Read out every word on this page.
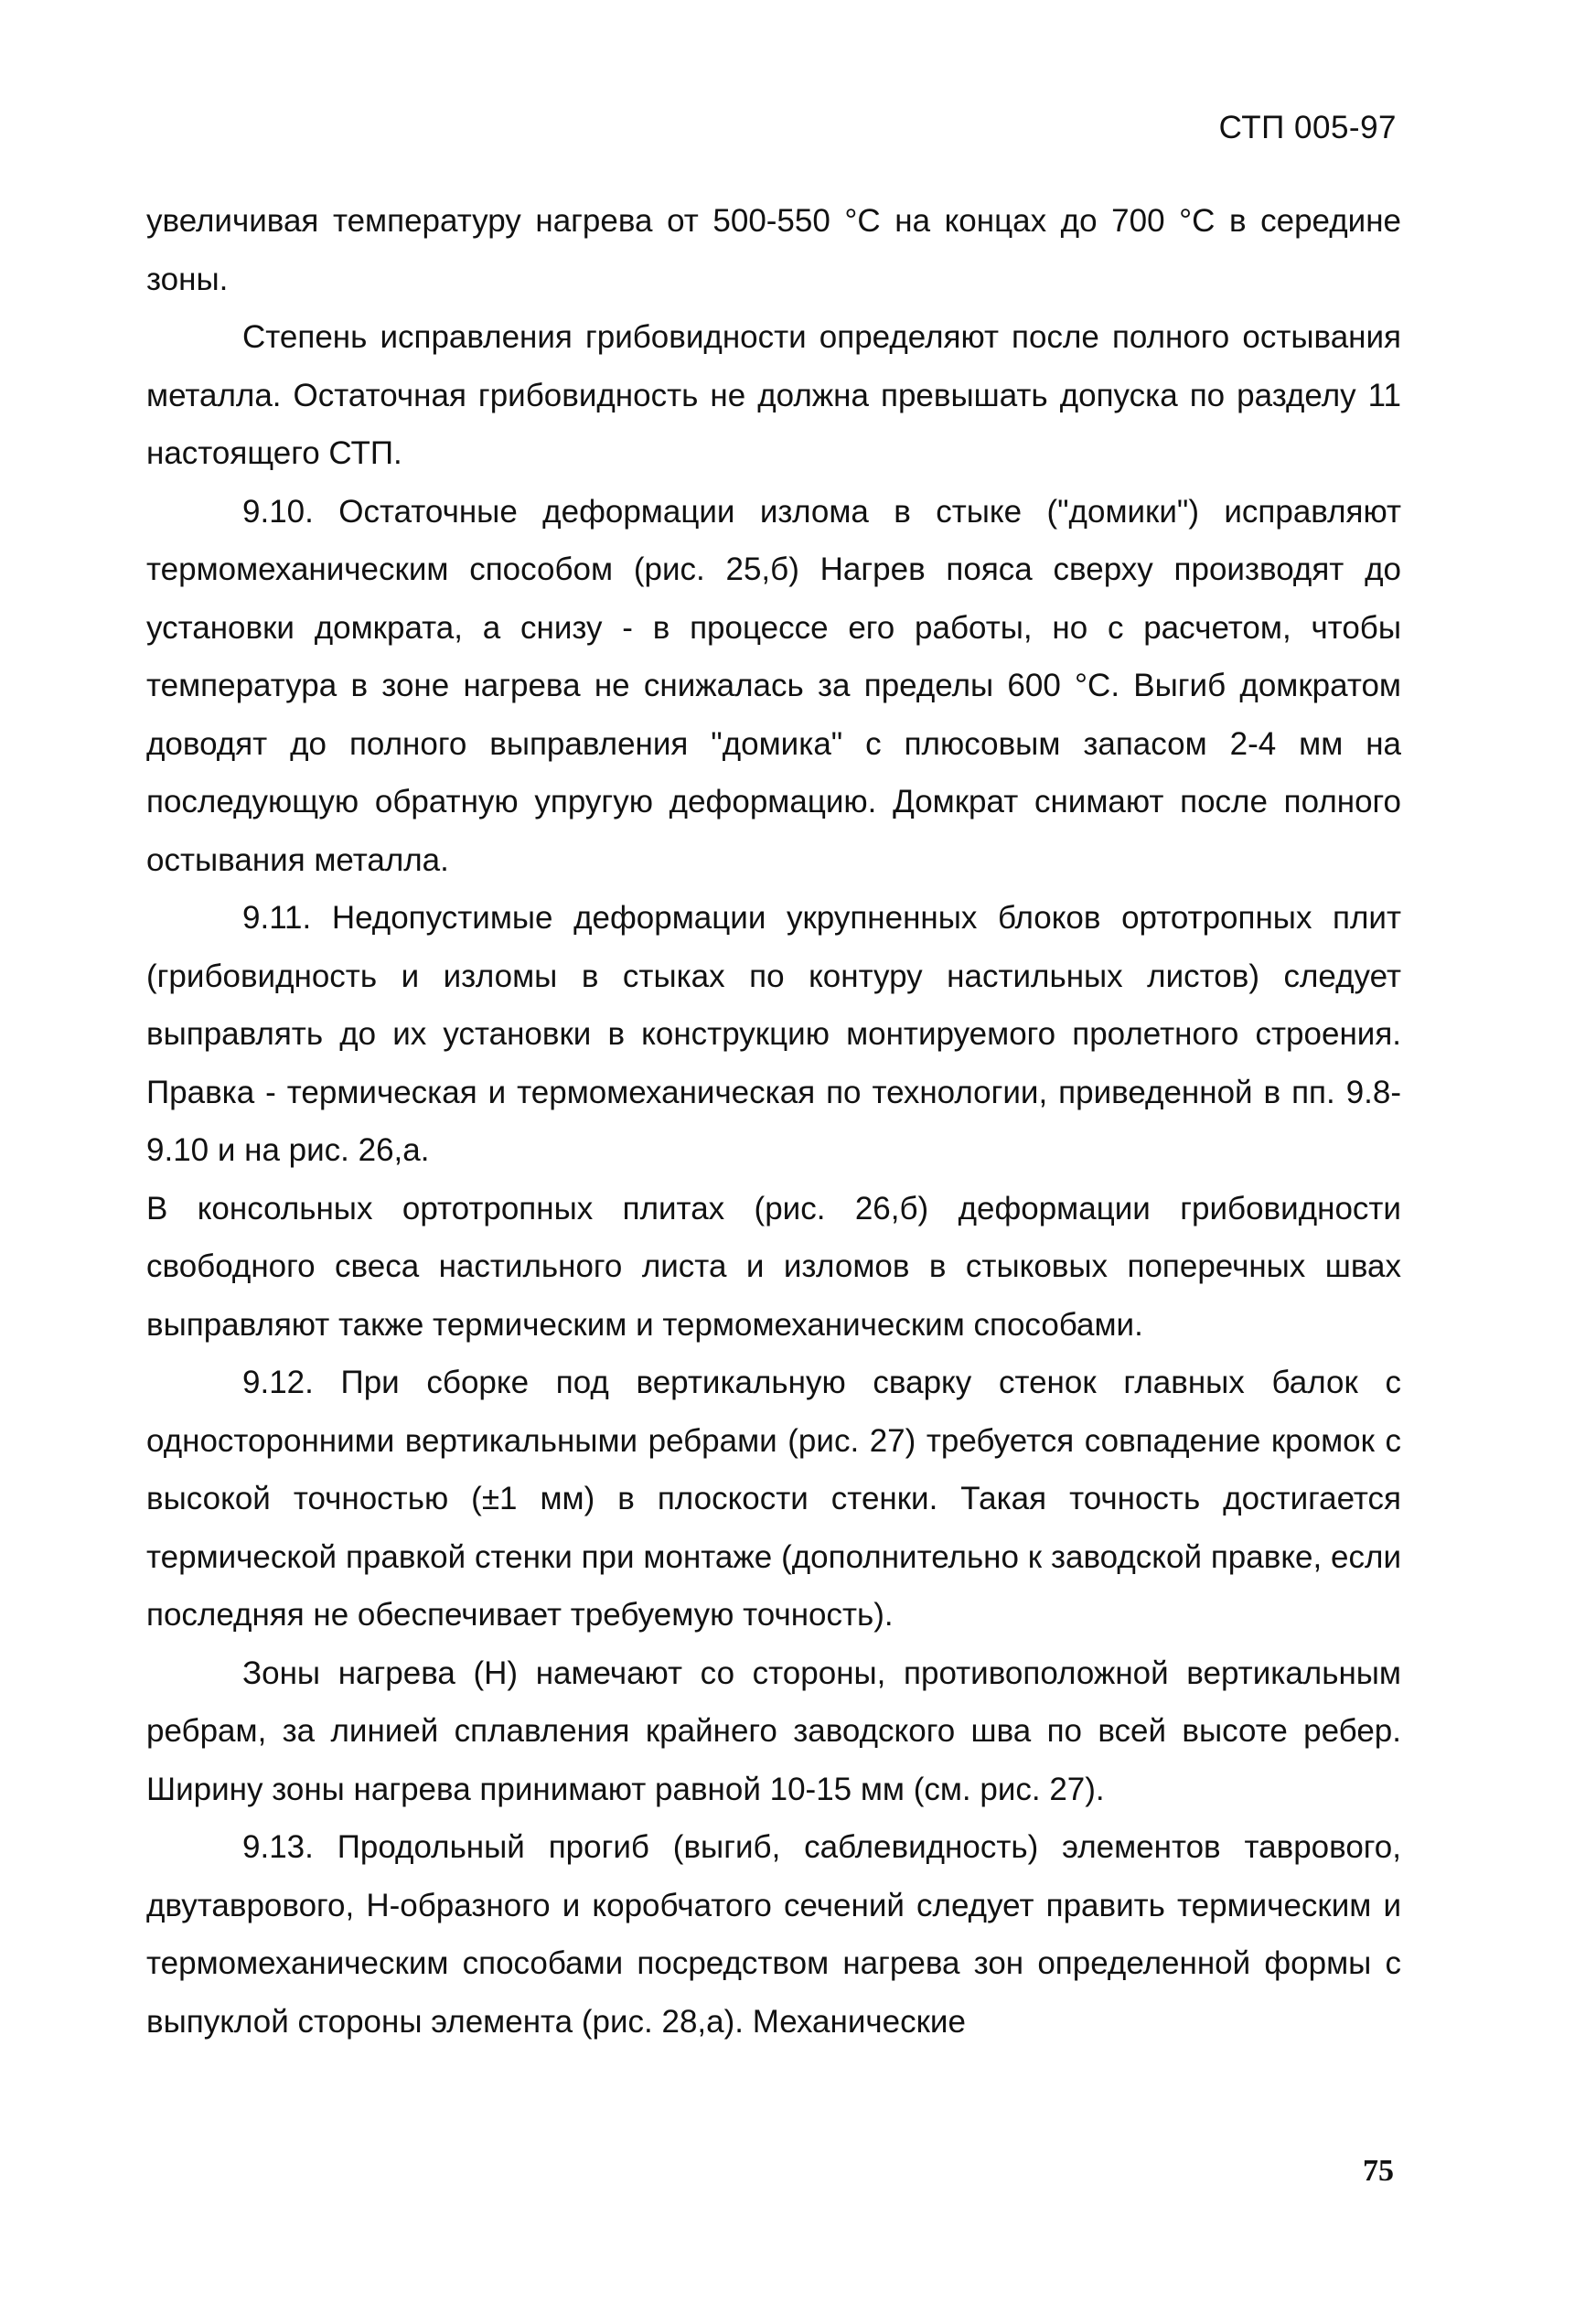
СТП 005-97

увеличивая температуру нагрева от 500-550 °С на концах до 700 °С в середине зоны.

Степень исправления грибовидности определяют после полного остывания металла. Остаточная грибовидность не должна превышать допуска по разделу 11 настоящего СТП.

9.10. Остаточные деформации излома в стыке ("домики") исправляют термомеханическим способом (рис. 25,б) Нагрев пояса сверху производят до установки домкрата, а снизу - в процессе его работы, но с расчетом, чтобы температура в зоне нагрева не снижалась за пределы 600 °С. Выгиб домкратом доводят до полного выправления "домика" с плюсовым запасом 2-4 мм на последующую обратную упругую деформацию. Домкрат снимают после полного остывания металла.

9.11. Недопустимые деформации укрупненных блоков ортотропных плит (грибовидность и изломы в стыках по контуру настильных листов) следует выправлять до их установки в конструкцию монтируемого пролетного строения. Правка - термическая и термомеханическая по технологии, приведенной в пп. 9.8-9.10 и на рис. 26,а.

В консольных ортотропных плитах (рис. 26,б) деформации грибовидности свободного свеса настильного листа и изломов в стыковых поперечных швах выправляют также термическим и термомеханическим способами.

9.12. При сборке под вертикальную сварку стенок главных балок с односторонними вертикальными ребрами (рис. 27) требуется совпадение кромок с высокой точностью (±1 мм) в плоскости стенки. Такая точность достигается термической правкой стенки при монтаже (дополнительно к заводской правке, если последняя не обеспечивает требуемую точность).

Зоны нагрева (Н) намечают со стороны, противоположной вертикальным ребрам, за линией сплавления крайнего заводского шва по всей высоте ребер. Ширину зоны нагрева принимают равной 10-15 мм (см. рис. 27).

9.13. Продольный прогиб (выгиб, саблевидность) элементов таврового, двутаврового, Н-образного и коробчатого сечений следует править термическим и термомеханическим способами посредством нагрева зон определенной формы с выпуклой стороны элемента (рис. 28,а). Механические

75
